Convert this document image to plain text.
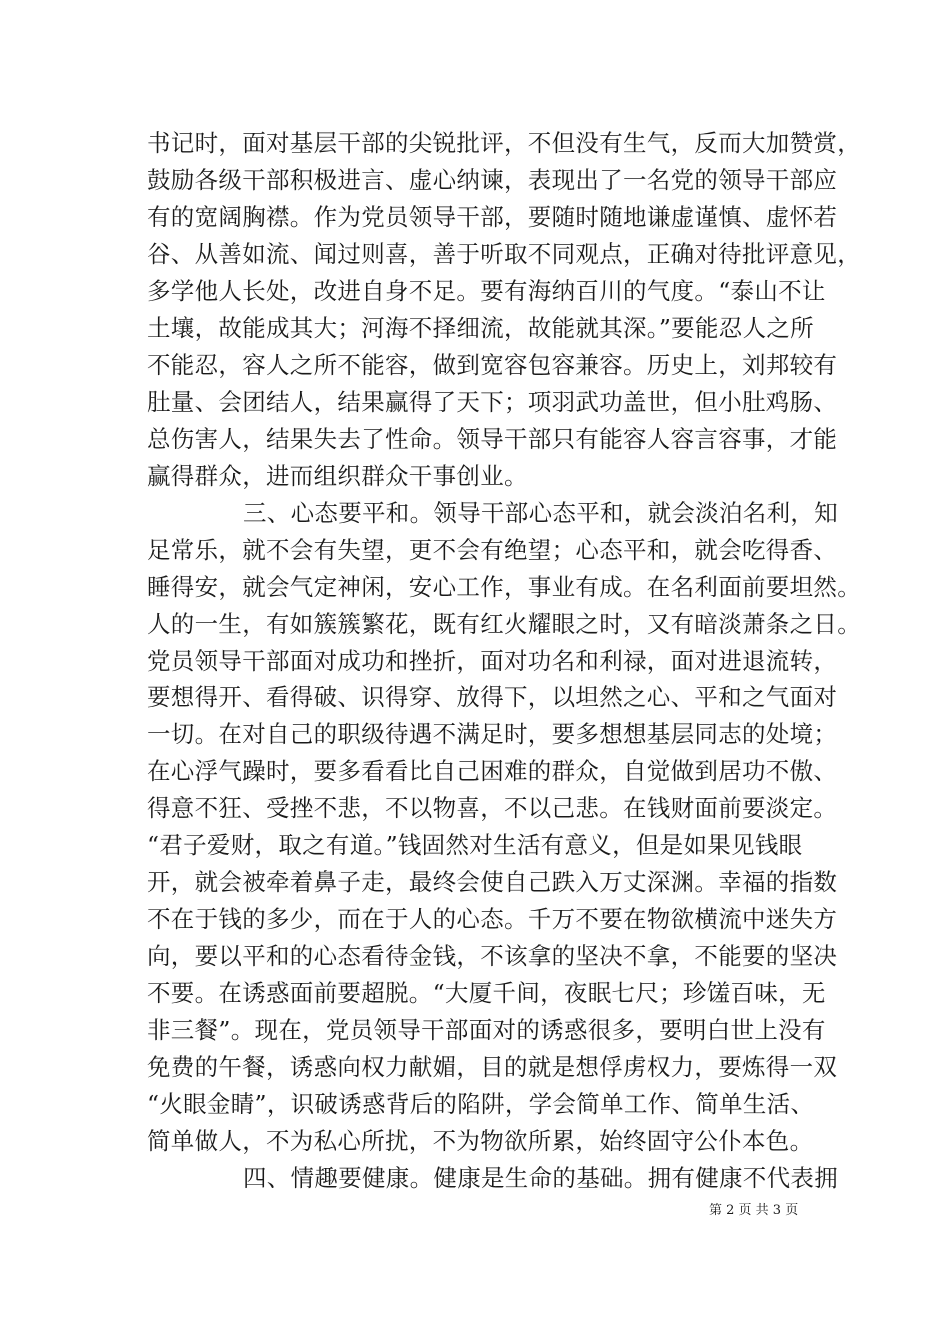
书记时，面对基层干部的尖锐批评，不但没有生气，反而大加赞赏，
鼓励各级干部积极进言、虚心纳谏，表现出了一名党的领导干部应
有的宽阔胸襟。作为党员领导干部，要随时随地谦虚谨慎、虚怀若
谷、从善如流、闻过则喜，善于听取不同观点，正确对待批评意见，
多学他人长处，改进自身不足。要有海纳百川的气度。“泰山不让
土壤，故能成其大；河海不择细流，故能就其深。”要能忍人之所
不能忍，容人之所不能容，做到宽容包容兼容。历史上，刘邦较有
肚量、会团结人，结果赢得了天下；项羽武功盖世，但小肚鸡肠、
总伤害人，结果失去了性命。领导干部只有能容人容言容事，才能
赢得群众，进而组织群众干事创业。
三、心态要平和。领导干部心态平和，就会淡泊名利，知
足常乐，就不会有失望，更不会有绝望；心态平和，就会吃得香、
睡得安，就会气定神闲，安心工作，事业有成。在名利面前要坦然。
人的一生，有如簇簇繁花，既有红火耀眼之时，又有暗淡萧条之日。
党员领导干部面对成功和挫折，面对功名和利禄，面对进退流转，
要想得开、看得破、识得穿、放得下，以坦然之心、平和之气面对
一切。在对自己的职级待遇不满足时，要多想想基层同志的处境；
在心浮气躁时，要多看看比自己困难的群众，自觉做到居功不傲、
得意不狂、受挫不悲，不以物喜，不以己悲。在钱财面前要淡定。
“君子爱财，取之有道。”钱固然对生活有意义，但是如果见钱眼
开，就会被牵着鼻子走，最终会使自己跌入万丈深渊。幸福的指数
不在于钱的多少，而在于人的心态。千万不要在物欲横流中迷失方
向，要以平和的心态看待金钱，不该拿的坚决不拿，不能要的坚决
不要。在诱惑面前要超脱。“大厦千间，夜眠七尺；珍馐百味，无
非三餐”。现在，党员领导干部面对的诱惑很多，要明白世上没有
免费的午餐，诱惑向权力献媚，目的就是想俘虏权力，要炼得一双
“火眼金睛”，识破诱惑背后的陷阱，学会简单工作、简单生活、
简单做人，不为私心所扰，不为物欲所累，始终固守公仆本色。
四、情趣要健康。健康是生命的基础。拥有健康不代表拥
第 2 页 共 3 页
